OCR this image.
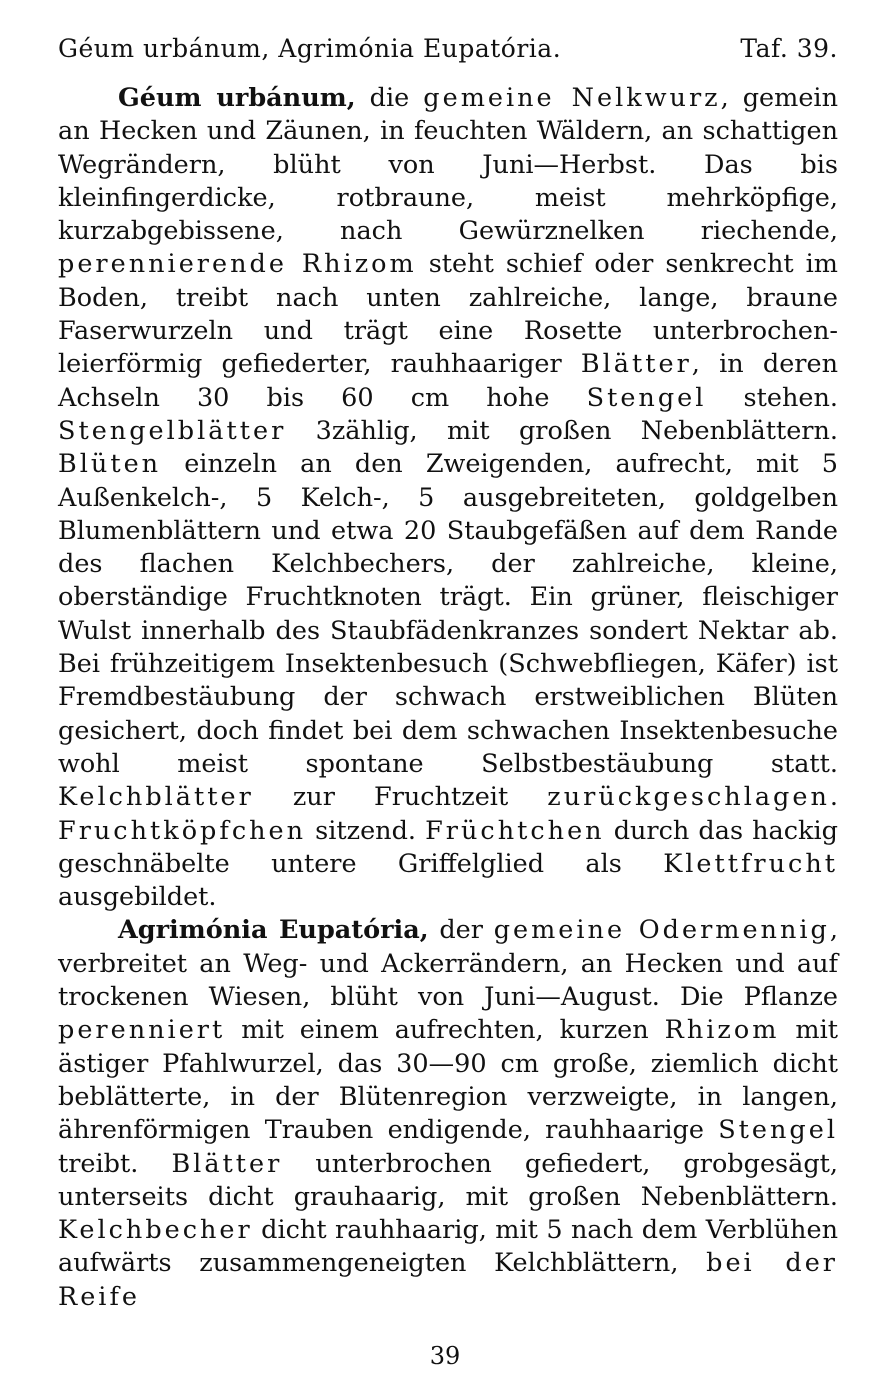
Géum urbánum, Agrimónia Eupatória.	Taf. 39.

Géum urbánum, die gemeine Nelkwurz, gemein an Hecken und Zäunen, in feuchten Wäldern, an schattigen Wegrändern, blüht von Juni—Herbst. Das bis kleinfingerdicke, rotbraune, meist mehrköpfige, kurzabgebissene, nach Gewürznelken riechende, perennierende Rhizom steht schief oder senkrecht im Boden, treibt nach unten zahlreiche, lange, braune Faserwurzeln und trägt eine Rosette unterbrochen-leierförmig gefiederter, rauhhaariger Blätter, in deren Achseln 30 bis 60 cm hohe Stengel stehen. Stengelblätter 3zählig, mit großen Nebenblättern. Blüten einzeln an den Zweigenden, aufrecht, mit 5 Außenkelch-, 5 Kelch-, 5 ausgebreiteten, goldgelben Blumenblättern und etwa 20 Staubgefäßen auf dem Rande des flachen Kelchbechers, der zahlreiche, kleine, oberständige Fruchtknoten trägt. Ein grüner, fleischiger Wulst innerhalb des Staubfädenkranzes sondert Nektar ab. Bei frühzeitigem Insektenbesuch (Schwebfliegen, Käfer) ist Fremdbestäubung der schwach erstweiblichen Blüten gesichert, doch findet bei dem schwachen Insektenbesuche wohl meist spontane Selbstbestäubung statt. Kelchblätter zur Fruchtzeit zurückgeschlagen. Fruchtköpfchen sitzend. Früchtchen durch das hackig geschnäbelte untere Griffelglied als Klettfrucht ausgebildet.

Agrimónia Eupatória, der gemeine Odermennig, verbreitet an Weg- und Ackerrändern, an Hecken und auf trockenen Wiesen, blüht von Juni—August. Die Pflanze perenniert mit einem aufrechten, kurzen Rhizom mit ästiger Pfahlwurzel, das 30—90 cm große, ziemlich dicht beblätterte, in der Blütenregion verzweigte, in langen, ährenförmigen Trauben endigende, rauhhaarige Stengel treibt. Blätter unterbrochen gefiedert, grobgesägt, unterseits dicht grauhaarig, mit großen Nebenblättern. Kelchbecher dicht rauhhaarig, mit 5 nach dem Verblühen aufwärts zusammengeneigten Kelchblättern, bei der Reife

39
